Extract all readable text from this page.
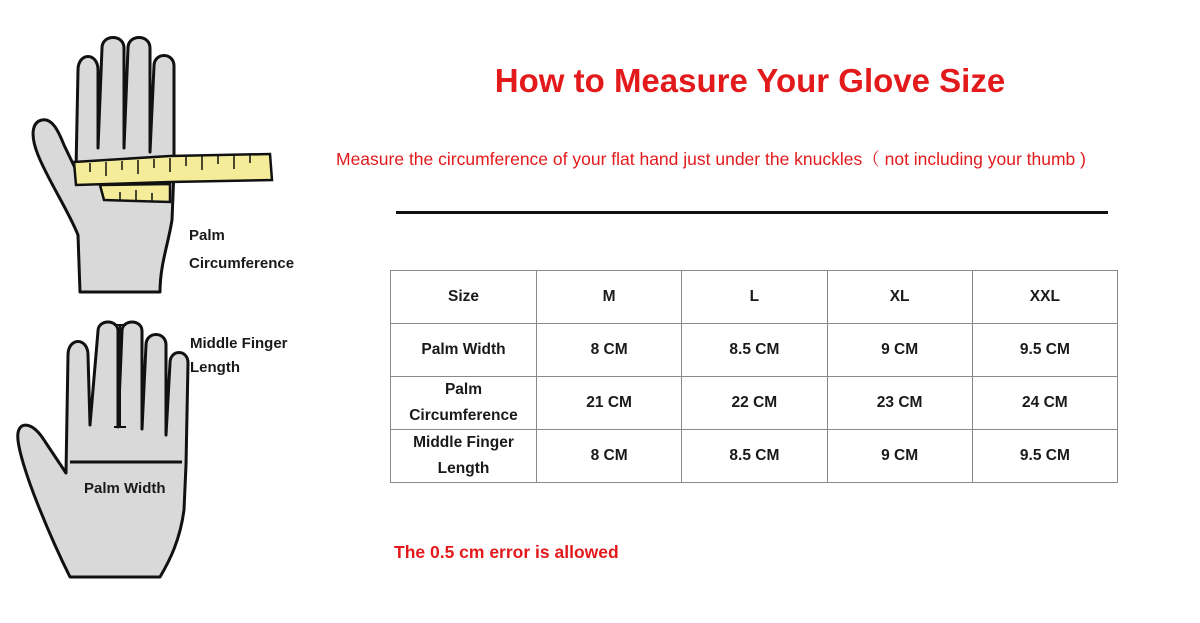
Palm Circumference
Middle Finger Length
Palm Width
How to Measure Your Glove Size
Measure the circumference of your flat hand just under the knuckles（ not including your thumb )
Size	M	L	XL	XXL
Palm Width	8 CM	8.5 CM	9 CM	9.5 CM
Palm Circumference	21 CM	22 CM	23 CM	24 CM
Middle Finger Length	8 CM	8.5 CM	9 CM	9.5 CM
The 0.5 cm error is allowed
